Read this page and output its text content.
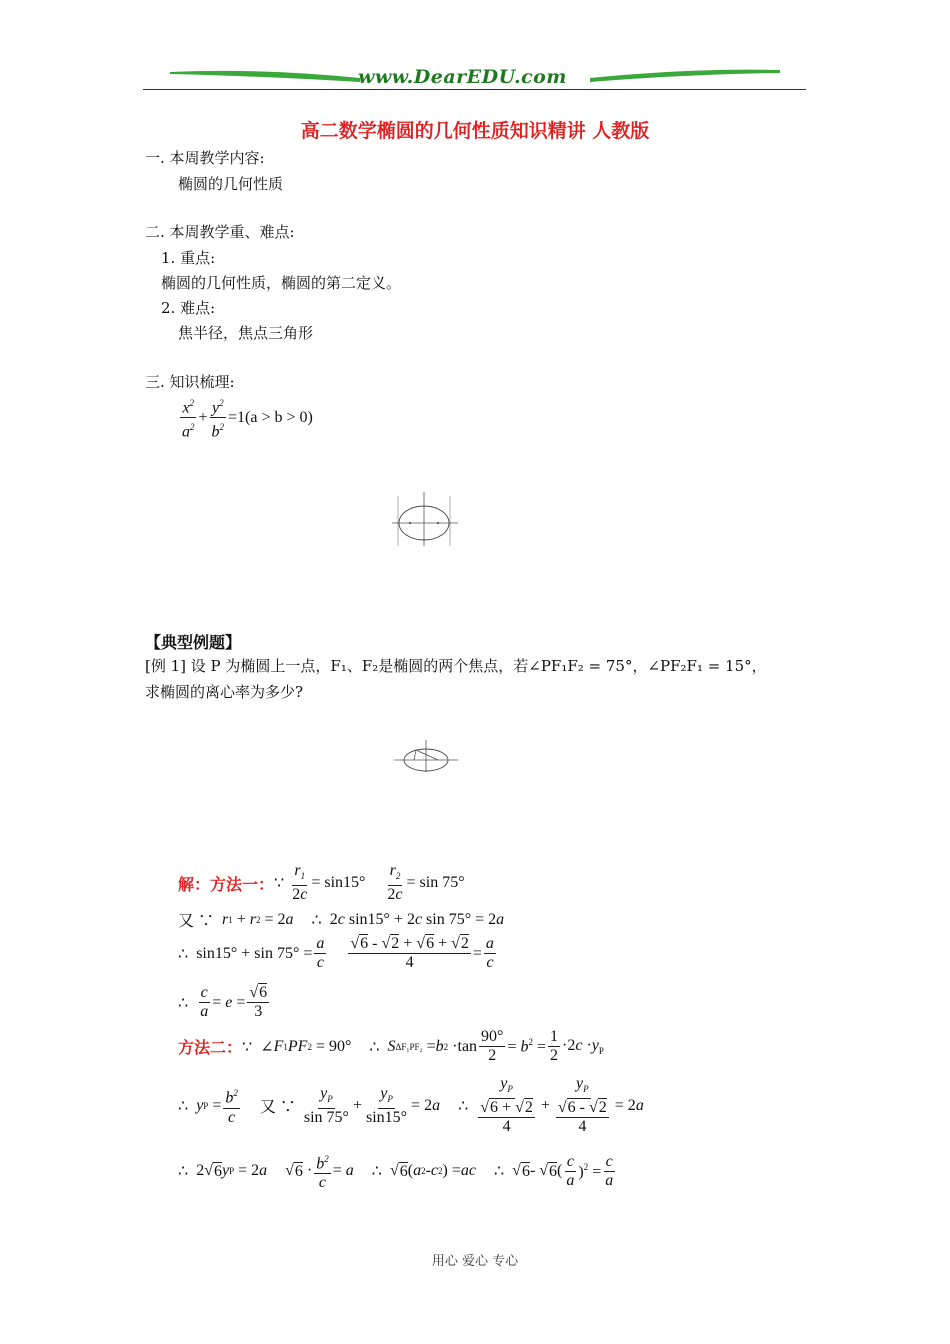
www.DearEDU.com
高二数学椭圆的几何性质知识精讲 人教版
一. 本周教学内容:
椭圆的几何性质
二. 本周教学重、难点:
1. 重点:
椭圆的几何性质，椭圆的第二定义。
2. 难点:
焦半径，焦点三角形
三. 知识梳理:
$\frac{x^2}{a^2} + \frac{y^2}{b^2} =1(a > b > 0)$
【典型例题】
[例 1] 设 P 为椭圆上一点，F₁、F₂是椭圆的两个焦点，若∠PF₁F₂ = 75°，∠PF₂F₁ = 15°，
求椭圆的离心率为多少?
解：方法一： ∵
$\frac{r_1}{2c} = \sin 15^\circ \frac{r_2}{2c} = \sin 75^\circ$
又 ∵
r 1 + r 2 = 2 a ∴ 2 c sin15° + 2 c sin 75° = 2 a
∴ $\sin 15^\circ + \sin 75^\circ = \frac{a}{c} \frac{√6 - √2 + √6 + √2}{4} = \frac{a}{c}$
∴
$\frac{c}{a} = e = \frac{√6}{3}$
方法二： ∵ ∠ F 1 PF 2 = 90° ∴
S ΔF₁PF₂ = b $2 \cdot\tan \frac{90^\circ}{2} = b^2 = \frac{1}{2} \cdot 2c \cdot y_P$
∴
y $P = \frac{b^2}{c}$ 又 ∵
$\frac{y_P}{\sin 75^\circ} + \frac{y_P}{\sin 15^\circ} = 2a$ ∴
$\frac{y_P}{\frac{√6 + √2}{4}} + \frac{y_P}{\frac{√6 - √2}{4}} = 2a$
∴ 2√ 6 y P = 2 a √ $6 \cdot \frac{b^2}{c} = a$ ∴ √ 6 ( a 2 - c 2 ) = ac ∴ √ 6 - √ 6 ( $\frac{c}{a} )^2 = \frac{c}{a}$
用心 爱心 专心
